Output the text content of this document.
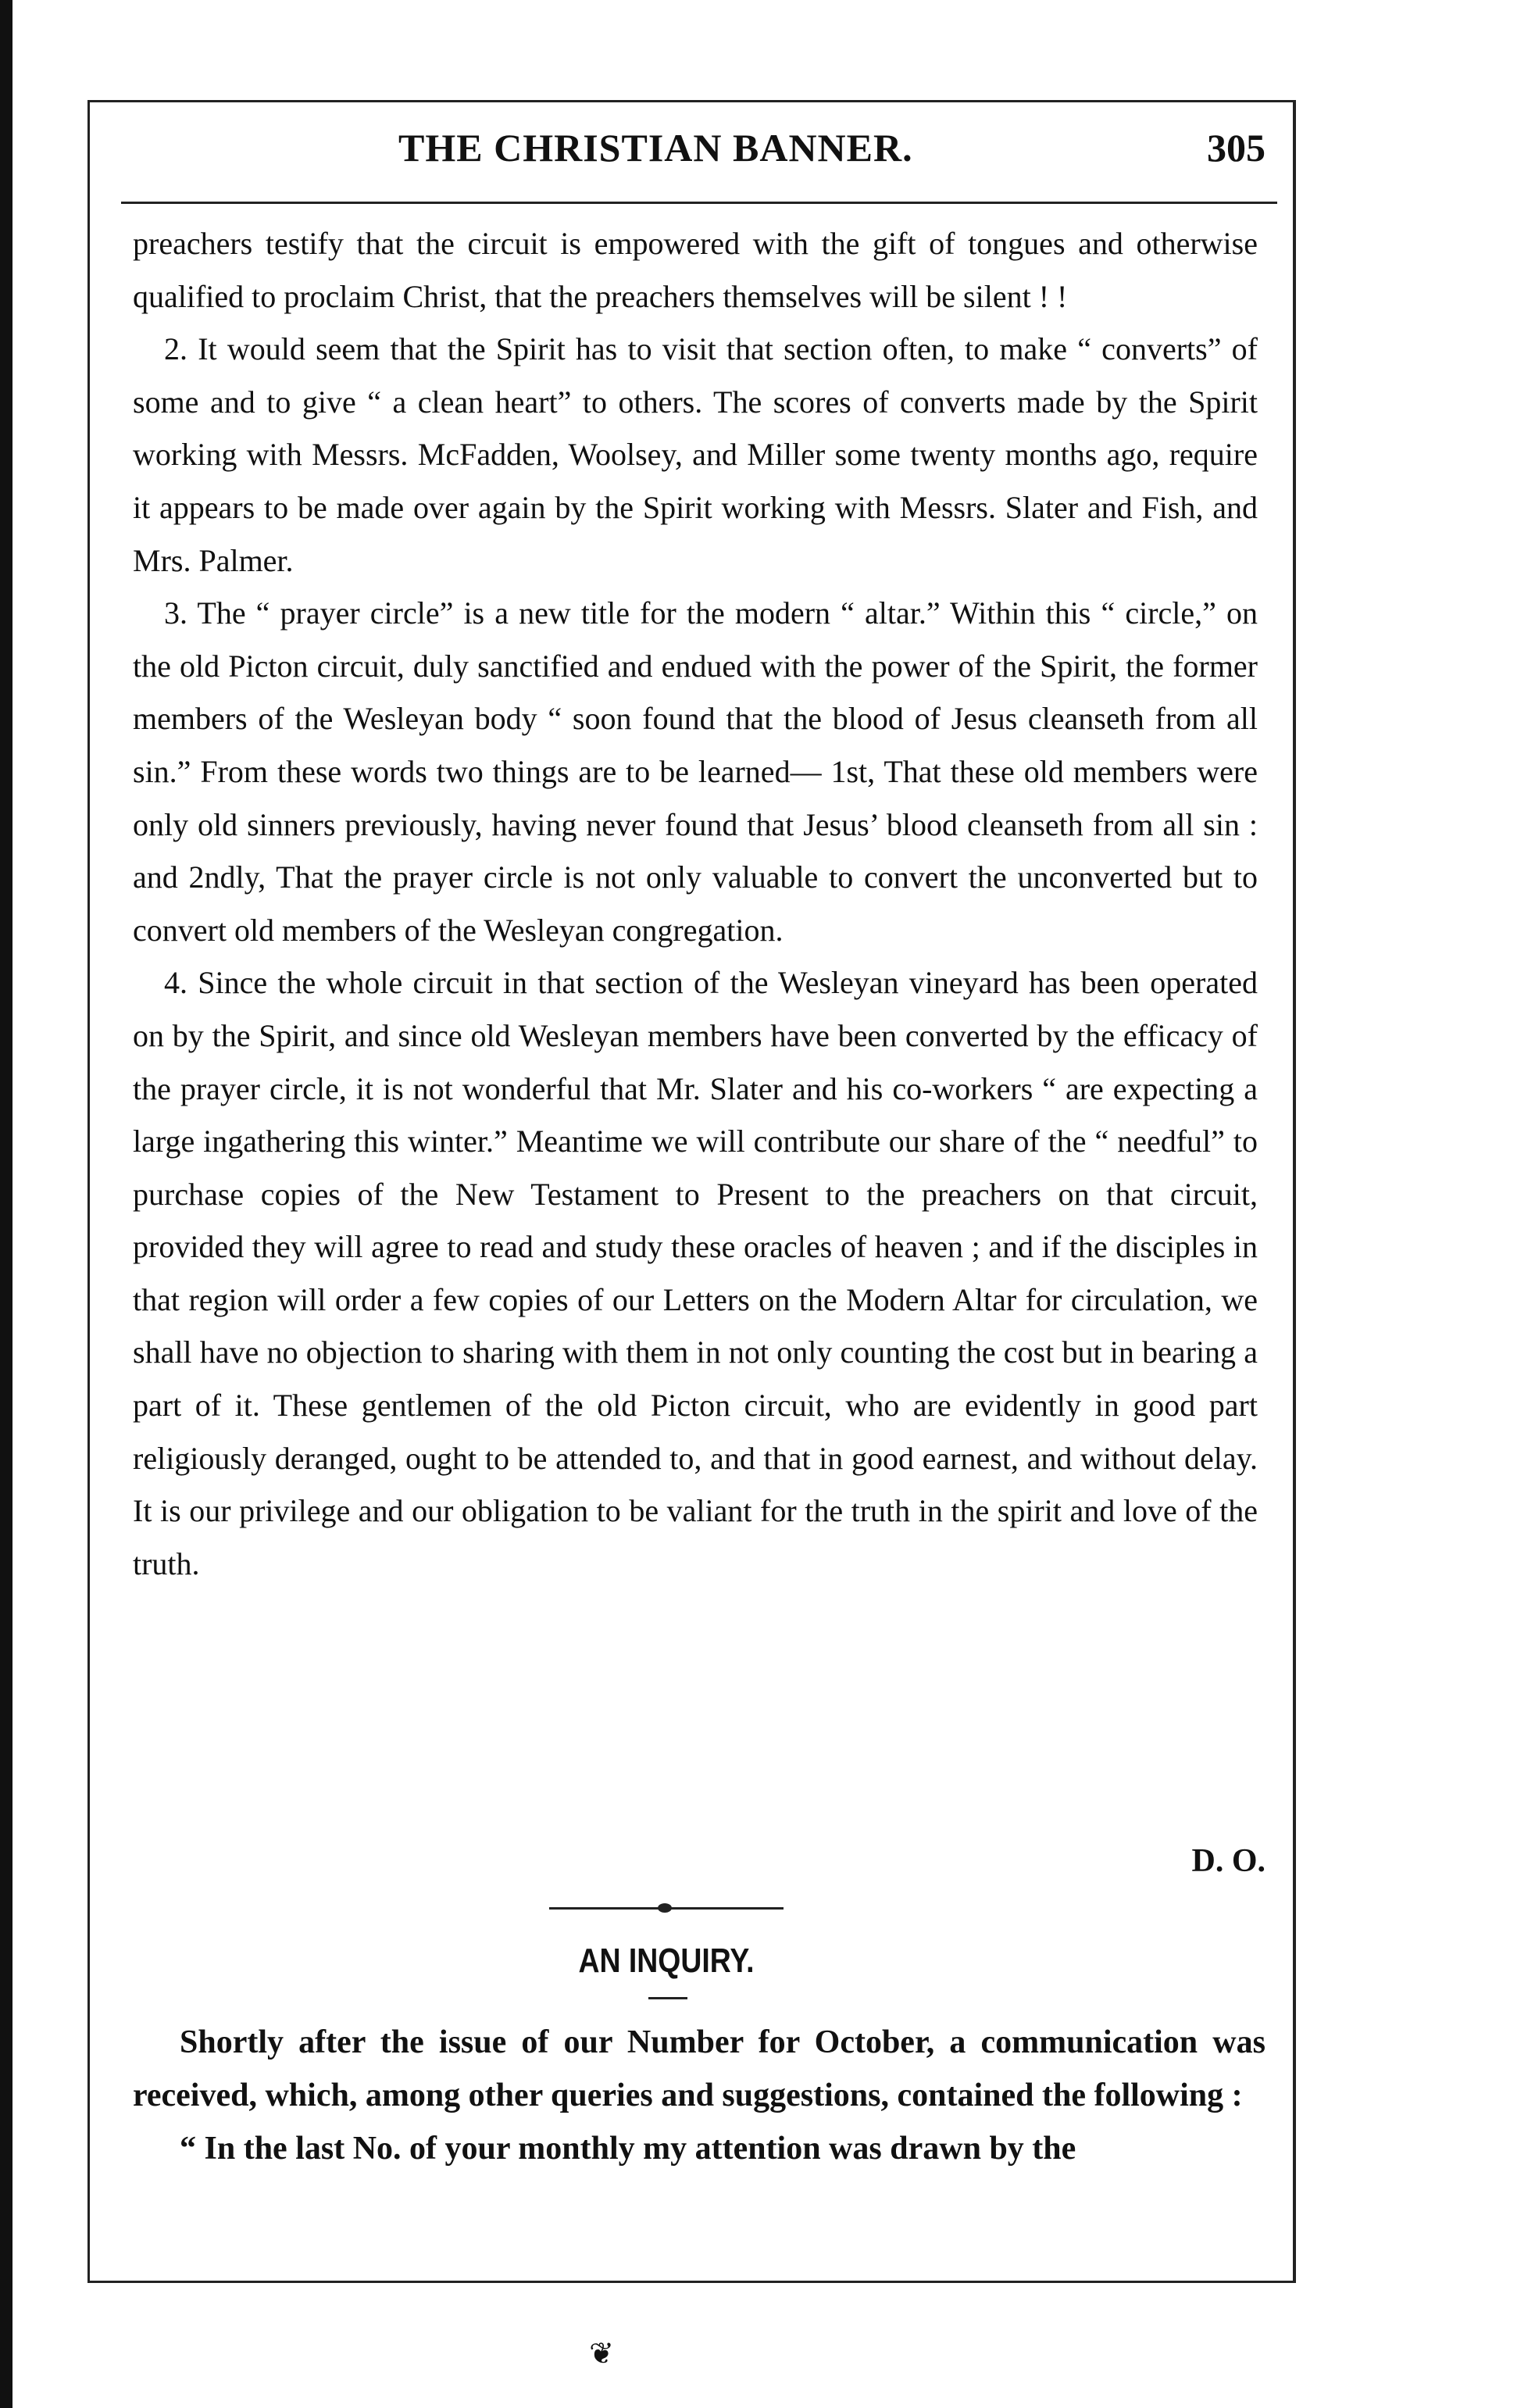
THE CHRISTIAN BANNER.	305

preachers testify that the circuit is empowered with the gift of tongues and otherwise qualified to proclaim Christ, that the preachers themselves will be silent ! !

2. It would seem that the Spirit has to visit that section often, to make “ converts” of some and to give “ a clean heart” to others. The scores of converts made by the Spirit working with Messrs. McFadden, Woolsey, and Miller some twenty months ago, require it appears to be made over again by the Spirit working with Messrs. Slater and Fish, and Mrs. Palmer.

3. The “ prayer circle” is a new title for the modern “ altar.” Within this “ circle,” on the old Picton circuit, duly sanctified and endued with the power of the Spirit, the former members of the Wesleyan body “ soon found that the blood of Jesus cleanseth from all sin.” From these words two things are to be learned— 1st, That these old members were only old sinners previously, having never found that Jesus’ blood cleanseth from all sin : and 2ndly, That the prayer circle is not only valuable to convert the unconverted but to convert old members of the Wesleyan congregation.

4. Since the whole circuit in that section of the Wesleyan vineyard has been operated on by the Spirit, and since old Wesleyan members have been converted by the efficacy of the prayer circle, it is not wonderful that Mr. Slater and his co-workers “ are expecting a large ingathering this winter.” Meantime we will contribute our share of the “ needful” to purchase copies of the New Testament to Present to the preachers on that circuit, provided they will agree to read and study these oracles of heaven ; and if the disciples in that region will order a few copies of our Letters on the Modern Altar for circulation, we shall have no objection to sharing with them in not only counting the cost but in bearing a part of it. These gentlemen of the old Picton circuit, who are evidently in good part religiously deranged, ought to be attended to, and that in good earnest, and without delay. It is our privilege and our obligation to be valiant for the truth in the spirit and love of the truth.

D. O.
AN INQUIRY.

Shortly after the issue of our Number for October, a communication was received, which, among other queries and suggestions, contained the following :

“ In the last No. of your monthly my attention was drawn by the

❦
